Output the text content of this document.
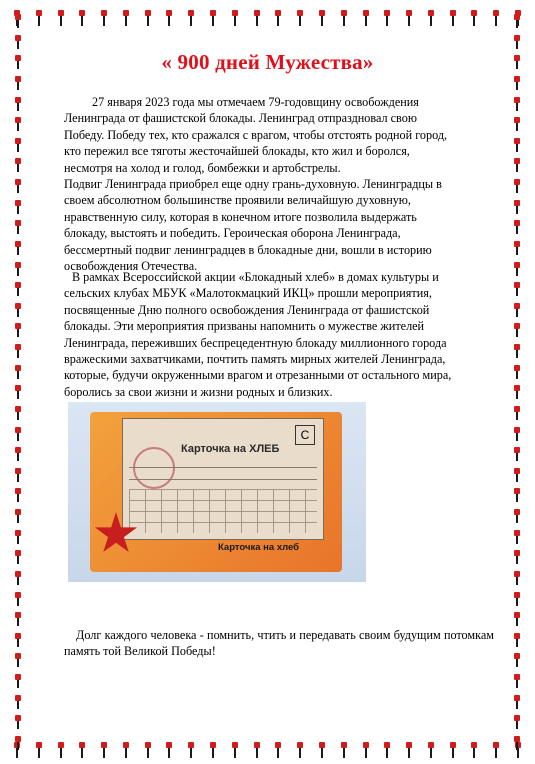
« 900 дней Мужества»
27 января 2023 года мы отмечаем 79-годовщину освобождения
Ленинграда от фашистской блокады. Ленинград отпраздновал свою
Победу. Победу тех, кто сражался с врагом, чтобы отстоять родной город,
кто пережил все тяготы жесточайшей блокады, кто жил и боролся,
несмотря на холод и голод, бомбежки и артобстрелы.
Подвиг Ленинграда приобрел еще одну грань-духовную. Ленинградцы в
своем абсолютном большинстве проявили величайшую духовную,
нравственную силу, которая в конечном итоге позволила выдержать
блокаду, выстоять и победить. Героическая оборона Ленинграда,
бессмертный подвиг ленинградцев в блокадные дни, вошли в историю
освобождения Отечества.
В рамках Всероссийской акции «Блокадный хлеб» в домах культуры и
сельских клубах МБУК «Малотокмацкий ИКЦ» прошли мероприятия,
посвященные Дню полного освобождения Ленинграда от фашистской
блокады. Эти мероприятия призваны напомнить о мужестве жителей
Ленинграда, переживших беспрецедентную блокаду миллионного города
вражескими захватчиками, почтить память мирных жителей Ленинграда,
которые, будучи окруженными врагом и отрезанными от остального мира,
боролись за свои жизни и жизни родных и близких.
Карточка на ХЛЕБ
С
Карточка на хлеб
Долг каждого человека - помнить, чтить и передавать своим будущим потомкам память той Великой Победы!
